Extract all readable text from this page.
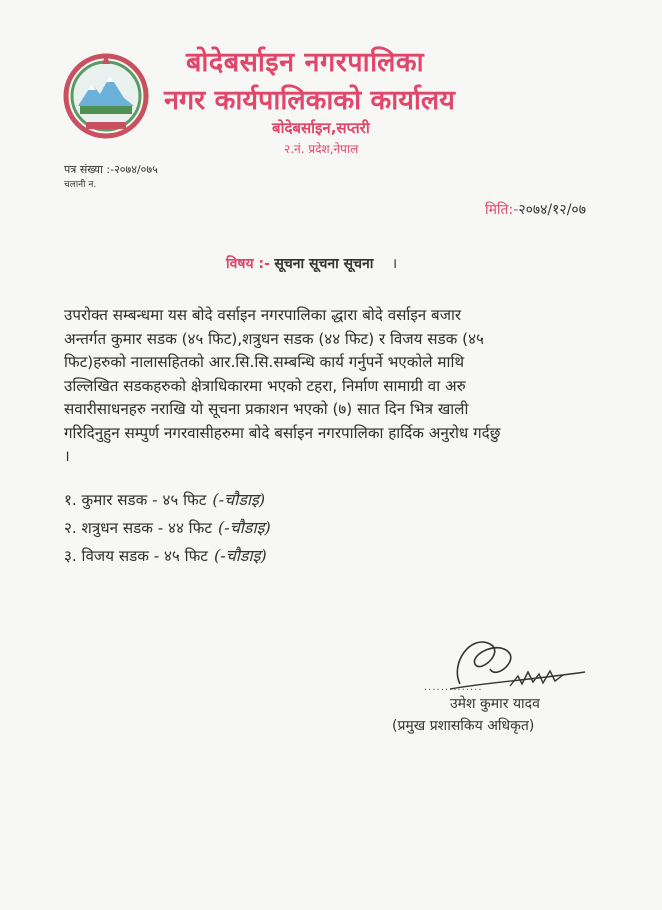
बोदेबर्साइन नगरपालिका
नगर कार्यपालिकाको कार्यालय
बोदेबर्साइन,सप्तरी
२.नं. प्रदेश,नेपाल
पत्र संख्या :-२०७४/०७५
चलानी न.
मिति:-२०७४/१२/०७
विषय :- सूचना सूचना सूचना ।
उपरोक्त सम्बन्धमा यस बोदे वर्साइन नगरपालिका द्धारा बोदे वर्साइन बजार
अन्तर्गत कुमार सडक (४५ फिट),शत्रुधन सडक (४४ फिट) र विजय सडक (४५
फिट)हरुको नालासहितको आर.सि.सि.सम्बन्धि कार्य गर्नुपर्ने भएकोले माथि
उल्लिखित सडकहरुको क्षेत्राधिकारमा भएको टहरा, निर्माण सामाग्री वा अरु
सवारीसाधनहरु नराखि यो सूचना प्रकाशन भएको (७) सात दिन भित्र खाली
गरिदिनुहुन सम्पुर्ण नगरवासीहरुमा बोदे बर्साइन नगरपालिका हार्दिक अनुरोध गर्दछु
।
१. कुमार सडक - ४५ फिट (-चौडाइ)
२. शत्रुधन सडक - ४४ फिट (-चौडाइ)
३. विजय सडक - ४५ फिट (-चौडाइ)
..............
उमेश कुमार यादव
(प्रमुख प्रशासकिय अधिकृत)
